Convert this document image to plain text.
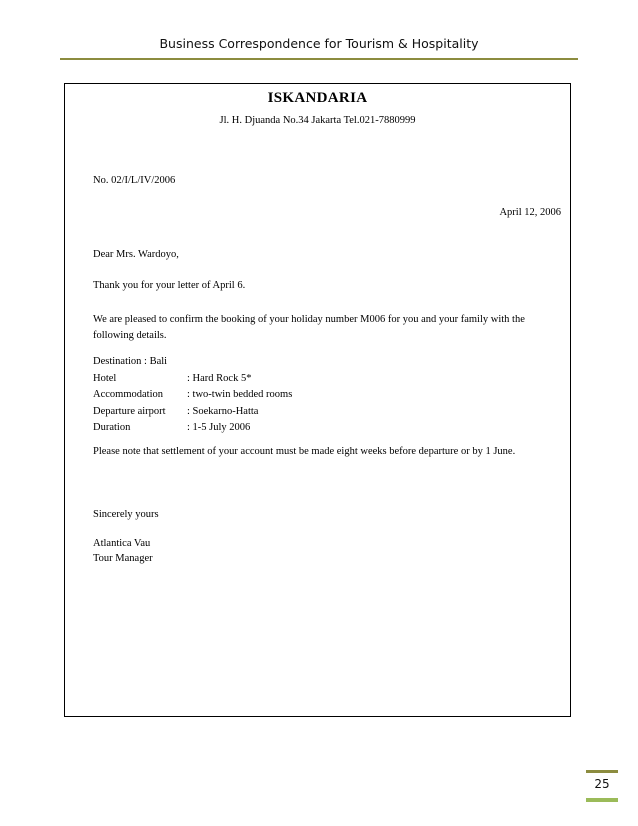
Business Correspondence for Tourism & Hospitality
ISKANDARIA
Jl. H. Djuanda No.34 Jakarta Tel.021-7880999
No. 02/I/L/IV/2006
April 12, 2006
Dear Mrs. Wardoyo,
Thank you for your letter of April 6.
We are pleased to confirm the booking of your holiday number M006 for you and your family with the following details.
Destination : Bali
Hotel	: Hard Rock 5*
Accommodation	: two-twin bedded rooms
Departure airport	: Soekarno-Hatta
Duration	: 1-5 July 2006
Please note that settlement of your account must be made eight weeks before departure or by 1 June.
Sincerely yours
Atlantica Vau
Tour Manager
25
